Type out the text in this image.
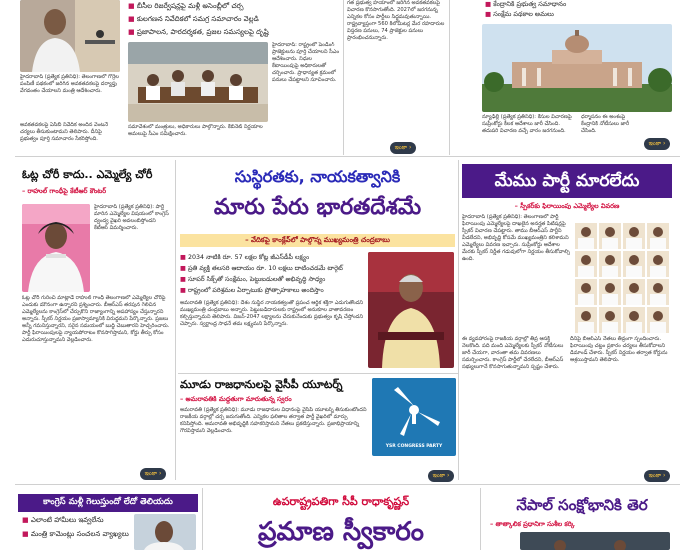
హైదరాబాద్ (ప్రత్యేక ప్రతినిధి): తెలంగాణలో గొర్రెల పంపిణీ పథకంలో జరిగిన అవకతవకలపై దర్యాప్తు వేగవంతం చేయాలని మంత్రి ఆదేశించారు.
అవకతవకలపై ఏసీబీ నివేదిక అందిన వెంటనే చర్యలు తీసుకుంటామని తెలిపారు. దీనిపై ప్రభుత్వం పూర్తి సమాచారం సేకరిస్తోంది.
■ బీసీల రిజర్వేషన్లపై మళ్లీ అసెంబ్లీలో చర్చ
■ కులగణన నివేదికలో సమగ్ర సమాచారం వెల్లడి
■ ప్రజాపాలన, పారదర్శకత, ప్రజల సమస్యలపై దృష్టి
సమావేశంలో మంత్రులు, అధికారులు పాల్గొన్నారు. కేబినెట్ నిర్ణయాల అమలుపై సీఎం సమీక్షించారు.
హైదరాబాద్: రాష్ట్రంలో పెండింగ్ ప్రాజెక్టులను పూర్తి చేయాలని సీఎం ఆదేశించారు. నిధుల కేటాయింపుపై అధికారులతో చర్చించారు. ప్రాధాన్యత క్రమంలో పనులు చేపట్టాలని సూచించారు.
ఇంకా ›
గత ప్రభుత్వ హయాంలో జరిగిన అవకతవకలపై విచారణ కొనసాగుతోంది. 2027లో జరగనున్న ఎన్నికల కోసం పార్టీలు సిద్ధమవుతున్నాయి. రాష్ట్రవ్యాప్తంగా 560 కిలోమీటర్ల మేర రహదారుల విస్తరణ పనులు, 74 ప్రాజెక్టుల పనులు ప్రారంభించనున్నారు.
■ కేంద్రానికి ప్రభుత్వ సమాధానం
■ సంక్షేమ పథకాల అమలు
న్యూఢిల్లీ (ప్రత్యేక ప్రతినిధి): కేసుల విచారణపై సుప్రీంకోర్టు కీలక ఆదేశాలు జారీ చేసింది. తదుపరి విచారణ వచ్చే వారం జరగనుంది.
ధర్మాసనం ఈ అంశంపై కేంద్రానికి నోటీసులు జారీ చేసింది.
ఇంకా ›
ఓట్ల చోరీ కాదు.. ఎమ్మెల్యే చోరీ
– రాహుల్ గాంధీపై కేటీఆర్ కౌంటర్
హైదరాబాద్ (ప్రత్యేక ప్రతినిధి): పార్టీ మారిన ఎమ్మెల్యేల విషయంలో కాంగ్రెస్ ద్వంద్వ వైఖరి అవలంబిస్తోందని కేటీఆర్ విమర్శించారు.
ఓట్ల చోరీ గురించి మాట్లాడే రాహుల్ గాంధీ తెలంగాణలో ఎమ్మెల్యేల చోరీపై ఎందుకు మౌనంగా ఉన్నారని ప్రశ్నించారు. బీఆర్ఎస్ తరపున గెలిచిన ఎమ్మెల్యేలను కాంగ్రెస్‌లో చేర్చుకొని రాజ్యాంగాన్ని అపహాస్యం చేస్తున్నారని అన్నారు. స్పీకర్ నిర్ణయం ప్రజాస్వామ్యానికి విరుద్ధమని పేర్కొన్నారు. ప్రజలు అన్నీ గమనిస్తున్నారని, సరైన సమయంలో బుద్ధి చెబుతారని హెచ్చరించారు. పార్టీ ఫిరాయింపులపై న్యాయపోరాటం కొనసాగిస్తామని, కోర్టు తీర్పు కోసం ఎదురుచూస్తున్నామని వెల్లడించారు.
ఇంకా ›
సుస్థిరతకు, నాయకత్వానికి
మారు పేరు భారతదేశమే
– వేదికపై కాంక్లేవ్‌లో పాల్గొన్న ముఖ్యమంత్రి చంద్రబాబు
■ 2034 నాటికి రూ. 57 లక్షల కోట్ల జీఎస్‌డీపీ లక్ష్యం
■ ప్రతి వ్యక్తి తలసరి ఆదాయం రూ. 10 లక్షలు దాటించడమే టార్గెట్
■ సూపర్ సిక్స్‌తో సంక్షేమం, పెట్టుబడులతో అభివృద్ధి సాధ్యం
■ రాష్ట్రంలో పరిశ్రమల ఏర్పాటుకు ప్రోత్సాహకాలు అందిస్తాం
అమరావతి (ప్రత్యేక ప్రతినిధి): దేశం సుస్థిర నాయకత్వంతో ప్రపంచ ఆర్థిక శక్తిగా ఎదుగుతోందని ముఖ్యమంత్రి చంద్రబాబు అన్నారు. పెట్టుబడిదారులకు రాష్ట్రంలో అనుకూల వాతావరణం కల్పిస్తున్నామని తెలిపారు. విజన్-2047 లక్ష్యాలను చేరుకునేందుకు ప్రభుత్వం కృషి చేస్తోందని చెప్పారు. స్వర్ణాంధ్ర సాధనే తమ లక్ష్యమని పేర్కొన్నారు.
మూడు రాజధానులపై వైసీపీ యూటర్న్
– అమరావతికి మద్దతుగా మారుతున్న స్వరం
అమరావతి (ప్రత్యేక ప్రతినిధి): మూడు రాజధానుల విధానంపై వైసీపీ యూటర్న్ తీసుకుంటోందని రాజకీయ వర్గాల్లో చర్చ జరుగుతోంది. ఎన్నికల ఫలితాల తర్వాత పార్టీ వైఖరిలో మార్పు కనిపిస్తోంది. అమరావతి అభివృద్ధికి సహకరిస్తామని నేతలు ప్రకటిస్తున్నారు. ప్రజాభిప్రాయాన్ని గౌరవిస్తామని వెల్లడించారు.
YSR CONGRESS PARTY
ఇంకా ›
మేము పార్టీ మారలేదు
– స్పీకర్‌కు ఫిరాయింపు ఎమ్మెల్యేల వివరణ
హైదరాబాద్ (ప్రత్యేక ప్రతినిధి): తెలంగాణలో పార్టీ ఫిరాయింపు ఎమ్మెల్యేలపై దాఖలైన అనర్హత పిటిషన్లపై స్పీకర్ విచారణ చేపట్టారు. తాము బీఆర్ఎస్ పార్టీని వీడలేదని, అభివృద్ధి కోసమే ముఖ్యమంత్రిని కలిశామని ఎమ్మెల్యేలు వివరణ ఇచ్చారు. సుప్రీంకోర్టు ఆదేశాల మేరకు స్పీకర్ నిర్ణీత గడువులోగా నిర్ణయం తీసుకోవాల్సి ఉంది.
ఈ వ్యవహారంపై రాజకీయ వర్గాల్లో తీవ్ర ఆసక్తి నెలకొంది. పది మంది ఎమ్మెల్యేలకు స్పీకర్ నోటీసులు జారీ చేయగా, వారంతా తమ వివరణలు సమర్పించారు. కాంగ్రెస్ పార్టీలో చేరలేదని, బీఆర్ఎస్ సభ్యులుగానే కొనసాగుతున్నామని స్పష్టం చేశారు. దీనిపై బీఆర్ఎస్ నేతలు తీవ్రంగా స్పందించారు. ఫిరాయింపు చట్టం ప్రకారం చర్యలు తీసుకోవాలని డిమాండ్ చేశారు. స్పీకర్ నిర్ణయం తర్వాత కోర్టును ఆశ్రయిస్తామని తెలిపారు.
ఇంకా ›
కాంగ్రెస్ మళ్లీ గెలుస్తుందో లేదో తెలియదు
■ ఎలాంటి హామీలు ఇవ్వలేను
■ మంత్రి కామెంట్లు సంచలన వ్యాఖ్యలు
ఉపరాష్ట్రపతిగా సీపీ రాధాకృష్ణన్
ప్రమాణ స్వీకారం
నేపాల్ సంక్షోభానికి తెర
– తాత్కాలిక ప్రధానిగా సుశీల కర్కి
